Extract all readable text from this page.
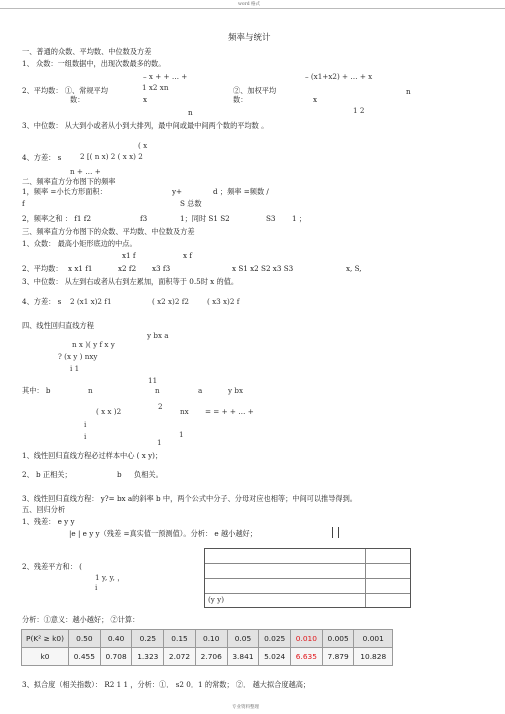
word 格式
频率与统计
一、普通的众数、平均数、中位数及方差
1、 众数：一组数据中，出现次数最多的数。
– x + + … +	– (x1+x2) + … + x
2、平均数： ①、常规平均	1 x2 xn	②、加权平均
数：
x	x
数：
n
n
1 2
3、中位数： 从大到小或者从小到大排列，最中间或最中间两个数的平均数 。
( x
4、方差： s	2 [( n x) 2 ( x x) 2
n + … +
二、频率直方分布图下的频率
1，频率 =小长方形面积：	y+	d ；频率 =频数 /
f	S 总数
2，频率之和 ： f1 f2	f3	1；同时 S1 S2	S3 1 ；
三、频率直方分布图下的众数、平均数、中位数及方差
1、众数： 最高小矩形底边的中点。
x1 f	x f
2、平均数： x x1 f1	x2 f2 x3 f3	x S1 x2 S2 x3 S3	x, S,
3、中位数： 从左到右或者从右到左累加，面积等于 0.5时 x 的值。
4、方差： s 2 (x1 x)2 f1	( x2 x)2 f2	( x3 x)2 f
四、线性回归直线方程
y bx a
n x )( y f x y
? (x y ) nxy
i 1
11
其中： b	n	n	a	y bx
( x x )2
2
nx = = + + … +
i
i	1
1
1、线性回归直线方程必过样本中心 ( x y)；
2、 b 正相关；	b 负相关。
3、线性回归直线方程： y?= bx a的斜率 b 中，两个公式中分子、分母对应也相等；中间可以推导得到。
五、回归分析
1、残差： e y y
|e | e y y（残差 =真实值一预测值）。分析： e 越小越好；
2、残差平方和： (
1 y, y, ，
i
(y y)
分析：①意义：越小越好； ②计算：
P(K² ≥ k0)	0.50	0.40	0.25	0.15	0.10	0.05	0.025	0.010	0.005	0.001
k0	0.455	0.708	1.323	2.072	2.706	3.841	5.024	6.635	7.879	10.828
3、拟合度（相关指数）： R2 1 1 ，分析：①． s2 0．1 的常数； ②． 越大拟合度越高；
专业资料整理
